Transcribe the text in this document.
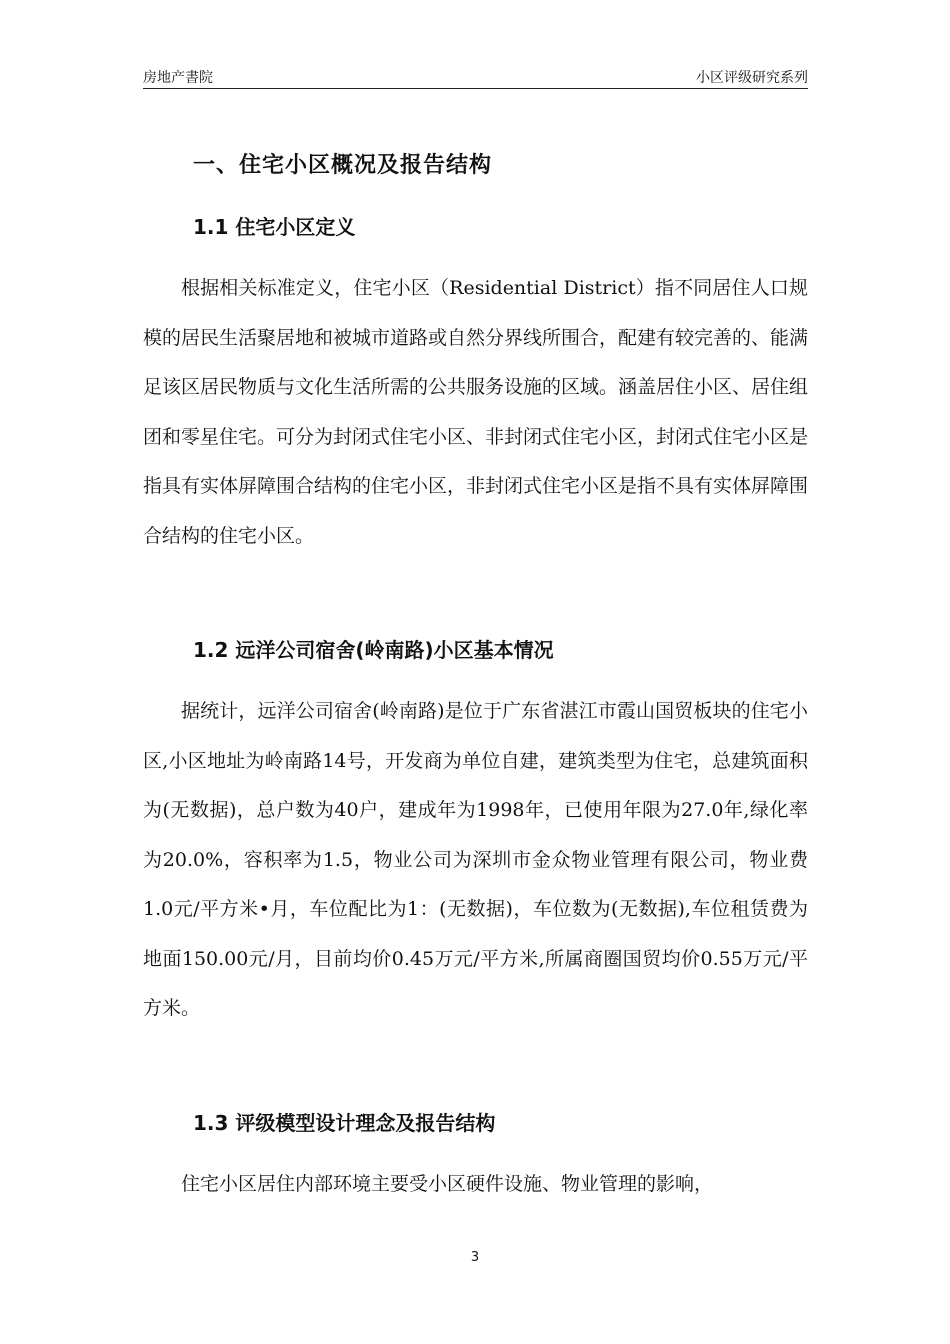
房地产書院	小区评级研究系列
一、住宅小区概况及报告结构
1.1 住宅小区定义

根据相关标准定义，住宅小区（Residential District）指不同居住人口规模的居民生活聚居地和被城市道路或自然分界线所围合，配建有较完善的、能满足该区居民物质与文化生活所需的公共服务设施的区域。涵盖居住小区、居住组团和零星住宅。可分为封闭式住宅小区、非封闭式住宅小区，封闭式住宅小区是指具有实体屏障围合结构的住宅小区，非封闭式住宅小区是指不具有实体屏障围合结构的住宅小区。

1.2 远洋公司宿舍(岭南路)小区基本情况

据统计，远洋公司宿舍(岭南路)是位于广东省湛江市霞山国贸板块的住宅小区,小区地址为岭南路14号，开发商为单位自建，建筑类型为住宅，总建筑面积为(无数据)，总户数为40户，建成年为1998年，已使用年限为27.0年,绿化率为20.0%，容积率为1.5，物业公司为深圳市金众物业管理有限公司，物业费1.0元/平方米•月，车位配比为1：(无数据)，车位数为(无数据),车位租赁费为地面150.00元/月，目前均价0.45万元/平方米,所属商圈国贸均价0.55万元/平方米。

1.3 评级模型设计理念及报告结构

住宅小区居住内部环境主要受小区硬件设施、物业管理的影响，

3
